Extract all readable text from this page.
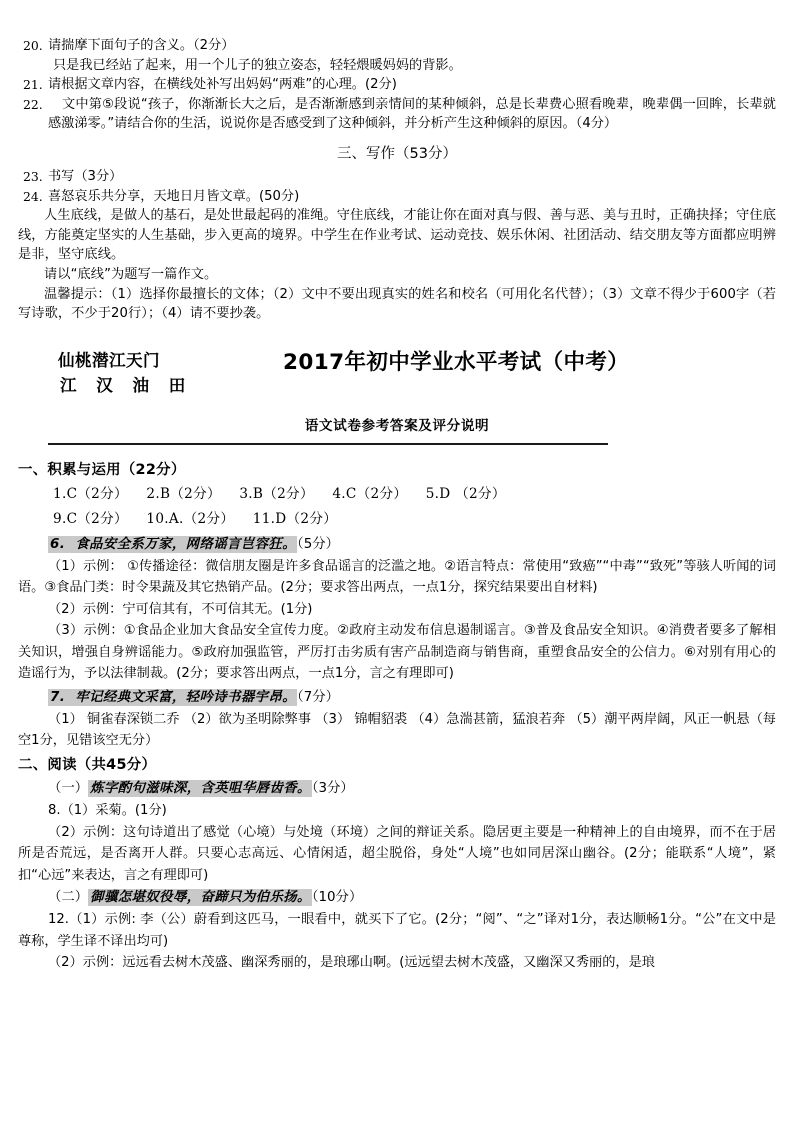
20. 请揣摩下面句子的含义。（2分）
只是我已经站了起来，用一个儿子的独立姿态，轻轻煨暖妈妈的背影。
21. 请根据文章内容，在横线处补写出妈妈“两难”的心理。(2分)
22.	文中第⑤段说“孩子，你渐渐长大之后，是否渐渐感到亲情间的某种倾斜，总是长辈费心照看晚辈，晚辈偶一回眸，长辈就感激涕零。”请结合你的生活，说说你是否感受到了这种倾斜，并分析产生这种倾斜的原因。（4分）
三、写作（53分）
23. 书写（3分）
24. 喜怒哀乐共分享，天地日月皆文章。(50分)
人生底线，是做人的基石，是处世最起码的准绳。守住底线，才能让你在面对真与假、善与恶、美与丑时，正确抉择；守住底线，方能奠定坚实的人生基础，步入更高的境界。中学生在作业考试、运动竞技、娱乐休闲、社团活动、结交朋友等方面都应明辨是非，坚守底线。
请以“底线”为题写一篇作文。
温馨提示：（1）选择你最擅长的文体；（2）文中不要出现真实的姓名和校名（可用化名代替）；（3）文章不得少于600字（若写诗歌，不少于20行）；（4）请不要抄袭。
仙桃潜江天门
江 汉 油 田
2017年初中学业水平考试（中考）
语文试卷参考答案及评分说明
一、积累与运用（22分）
1.C（2分）    2.B（2分）    3.B（2分）    4.C（2分）    5.D （2分）
9.C（2分）    10.A.（2分）    11.D（2分）
6. 食品安全系万家，网络谣言岂容狂。（5分）
（1）示例： ①传播途径：微信朋友圈是许多食品谣言的泛滥之地。②语言特点：常使用“致癌”“中毒”“致死”等骇人听闻的词语。③食品门类：时令果蔬及其它热销产品。(2分；要求答出两点，一点1分，探究结果要出自材料)
（2）示例：宁可信其有，不可信其无。(1分)
（3）示例：①食品企业加大食品安全宣传力度。②政府主动发布信息遏制谣言。③普及食品安全知识。④消费者要多了解相关知识，增强自身辨谣能力。⑤政府加强监管，严厉打击劣质有害产品制造商与销售商，重塑食品安全的公信力。⑥对别有用心的造谣行为，予以法律制裁。(2分；要求答出两点，一点1分，言之有理即可)
7. 牢记经典文采富，轻吟诗书器宇昂。（7分）
（1） 铜雀春深锁二乔 （2）欲为圣明除弊事 （3） 锦帽貂裘 （4）急湍甚箭，猛浪若奔 （5）潮平两岸阔，风正一帆悬（每空1分，见错该空无分）
二、阅读（共45分）
（一） 炼字酌句滋味深，含英咀华唇齿香。（3分）
8.（1）采菊。(1分)
（2）示例：这句诗道出了感觉（心境）与处境（环境）之间的辩证关系。隐居更主要是一种精神上的自由境界，而不在于居所是否荒远，是否离开人群。只要心志高远、心情闲适，超尘脱俗，身处“人境”也如同居深山幽谷。(2分；能联系“人境”，紧扣“心远”来表达，言之有理即可)
（二） 御骥怎堪奴役辱，奋蹄只为伯乐扬。（10分）
12.（1）示例: 李（公）蔚看到这匹马，一眼看中，就买下了它。(2分；“阅”、“之”译对1分，表达顺畅1分。“公”在文中是尊称，学生译不译出均可)
（2）示例：远远看去树木茂盛、幽深秀丽的，是琅琊山啊。(远远望去树木茂盛，又幽深又秀丽的，是琅
